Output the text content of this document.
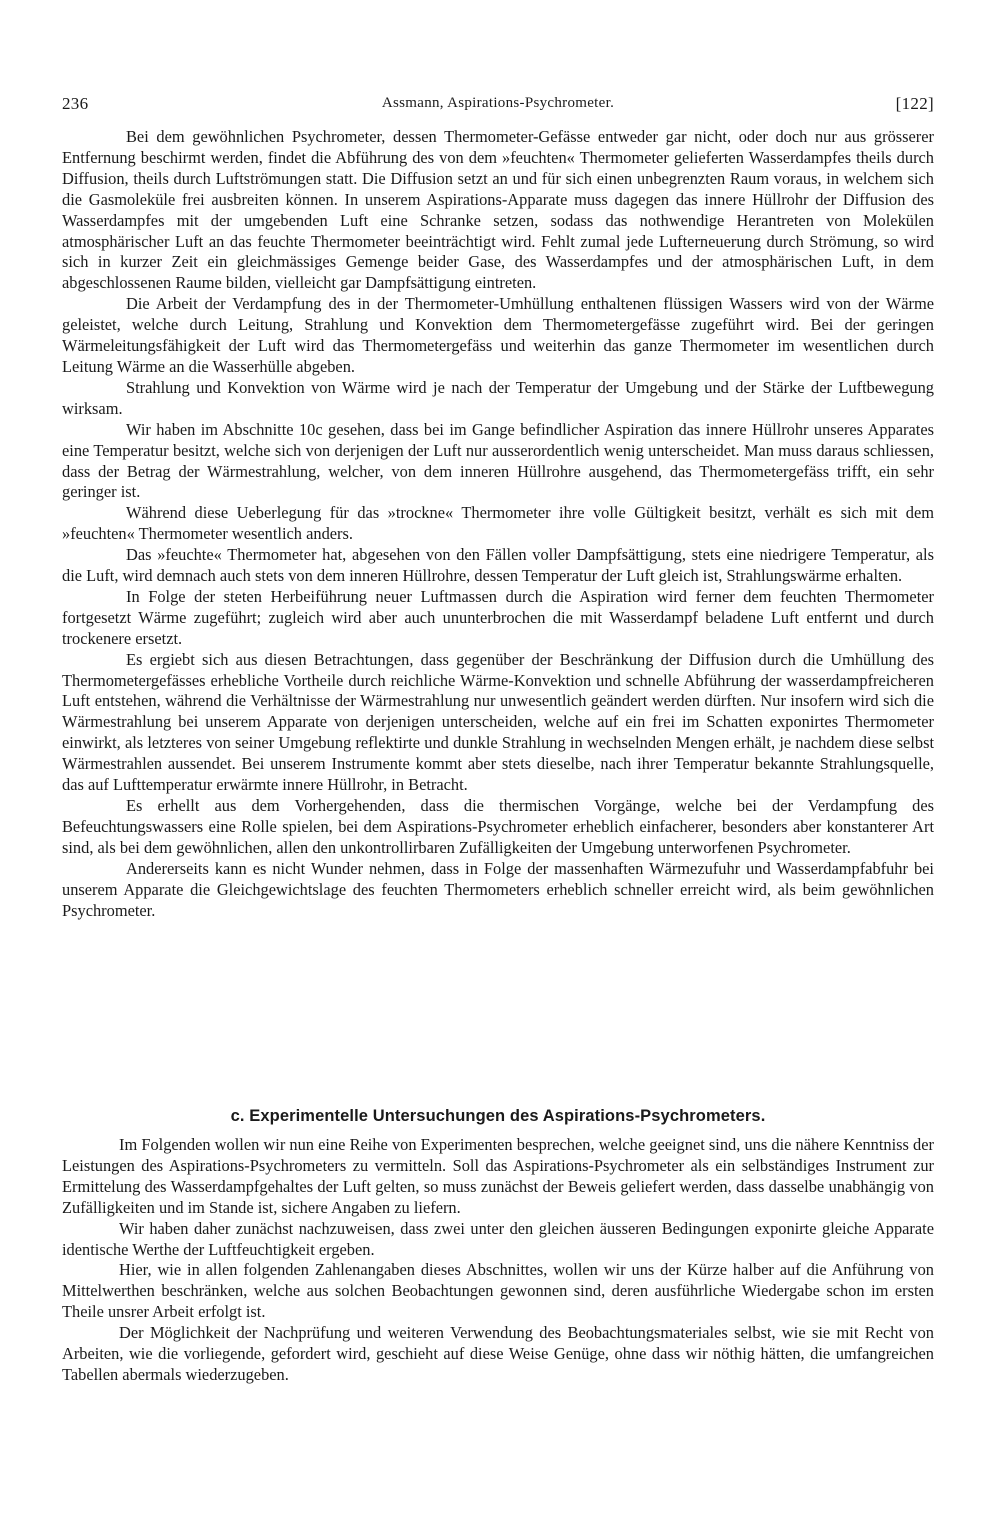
236	Assmann, Aspirations-Psychrometer.	[122]

Bei dem gewöhnlichen Psychrometer, dessen Thermometer-Gefässe entweder gar nicht, oder doch nur aus grösserer Entfernung beschirmt werden, findet die Abführung des von dem »feuchten« Thermometer gelieferten Wasserdampfes theils durch Diffusion, theils durch Luftströmungen statt. Die Diffusion setzt an und für sich einen unbegrenzten Raum voraus, in welchem sich die Gasmoleküle frei ausbreiten können. In unserem Aspirations-Apparate muss dagegen das innere Hüllrohr der Diffusion des Wasserdampfes mit der umgebenden Luft eine Schranke setzen, sodass das nothwendige Herantreten von Molekülen atmosphärischer Luft an das feuchte Thermometer beeinträchtigt wird. Fehlt zumal jede Lufterneuerung durch Strömung, so wird sich in kurzer Zeit ein gleichmässiges Gemenge beider Gase, des Wasserdampfes und der atmosphärischen Luft, in dem abgeschlossenen Raume bilden, vielleicht gar Dampfsättigung eintreten.

Die Arbeit der Verdampfung des in der Thermometer-Umhüllung enthaltenen flüssigen Wassers wird von der Wärme geleistet, welche durch Leitung, Strahlung und Konvektion dem Thermometergefässe zugeführt wird. Bei der geringen Wärmeleitungsfähigkeit der Luft wird das Thermometergefäss und weiterhin das ganze Thermometer im wesentlichen durch Leitung Wärme an die Wasserhülle abgeben.

Strahlung und Konvektion von Wärme wird je nach der Temperatur der Umgebung und der Stärke der Luftbewegung wirksam.

Wir haben im Abschnitte 10c gesehen, dass bei im Gange befindlicher Aspiration das innere Hüllrohr unseres Apparates eine Temperatur besitzt, welche sich von derjenigen der Luft nur ausserordentlich wenig unterscheidet. Man muss daraus schliessen, dass der Betrag der Wärmestrahlung, welcher, von dem inneren Hüllrohre ausgehend, das Thermometergefäss trifft, ein sehr geringer ist.

Während diese Ueberlegung für das »trockne« Thermometer ihre volle Gültigkeit besitzt, verhält es sich mit dem »feuchten« Thermometer wesentlich anders.

Das »feuchte« Thermometer hat, abgesehen von den Fällen voller Dampfsättigung, stets eine niedrigere Temperatur, als die Luft, wird demnach auch stets von dem inneren Hüllrohre, dessen Temperatur der Luft gleich ist, Strahlungswärme erhalten.

In Folge der steten Herbeiführung neuer Luftmassen durch die Aspiration wird ferner dem feuchten Thermometer fortgesetzt Wärme zugeführt; zugleich wird aber auch ununterbrochen die mit Wasserdampf beladene Luft entfernt und durch trockenere ersetzt.

Es ergiebt sich aus diesen Betrachtungen, dass gegenüber der Beschränkung der Diffusion durch die Umhüllung des Thermometergefässes erhebliche Vortheile durch reichliche Wärme-Konvektion und schnelle Abführung der wasserdampfreicheren Luft entstehen, während die Verhältnisse der Wärmestrahlung nur unwesentlich geändert werden dürften. Nur insofern wird sich die Wärmestrahlung bei unserem Apparate von derjenigen unterscheiden, welche auf ein frei im Schatten exponirtes Thermometer einwirkt, als letzteres von seiner Umgebung reflektirte und dunkle Strahlung in wechselnden Mengen erhält, je nachdem diese selbst Wärmestrahlen aussendet. Bei unserem Instrumente kommt aber stets dieselbe, nach ihrer Temperatur bekannte Strahlungsquelle, das auf Lufttemperatur erwärmte innere Hüllrohr, in Betracht.

Es erhellt aus dem Vorhergehenden, dass die thermischen Vorgänge, welche bei der Verdampfung des Befeuchtungswassers eine Rolle spielen, bei dem Aspirations-Psychrometer erheblich einfacherer, besonders aber konstanterer Art sind, als bei dem gewöhnlichen, allen den unkontrollirbaren Zufälligkeiten der Umgebung unterworfenen Psychrometer.

Andererseits kann es nicht Wunder nehmen, dass in Folge der massenhaften Wärmezufuhr und Wasserdampfabfuhr bei unserem Apparate die Gleichgewichtslage des feuchten Thermometers erheblich schneller erreicht wird, als beim gewöhnlichen Psychrometer.

c. Experimentelle Untersuchungen des Aspirations-Psychrometers.

Im Folgenden wollen wir nun eine Reihe von Experimenten besprechen, welche geeignet sind, uns die nähere Kenntniss der Leistungen des Aspirations-Psychrometers zu vermitteln. Soll das Aspirations-Psychrometer als ein selbständiges Instrument zur Ermittelung des Wasserdampfgehaltes der Luft gelten, so muss zunächst der Beweis geliefert werden, dass dasselbe unabhängig von Zufälligkeiten und im Stande ist, sichere Angaben zu liefern.

Wir haben daher zunächst nachzuweisen, dass zwei unter den gleichen äusseren Bedingungen exponirte gleiche Apparate identische Werthe der Luftfeuchtigkeit ergeben.

Hier, wie in allen folgenden Zahlenangaben dieses Abschnittes, wollen wir uns der Kürze halber auf die Anführung von Mittelwerthen beschränken, welche aus solchen Beobachtungen gewonnen sind, deren ausführliche Wiedergabe schon im ersten Theile unsrer Arbeit erfolgt ist.

Der Möglichkeit der Nachprüfung und weiteren Verwendung des Beobachtungsmateriales selbst, wie sie mit Recht von Arbeiten, wie die vorliegende, gefordert wird, geschieht auf diese Weise Genüge, ohne dass wir nöthig hätten, die umfangreichen Tabellen abermals wiederzugeben.
